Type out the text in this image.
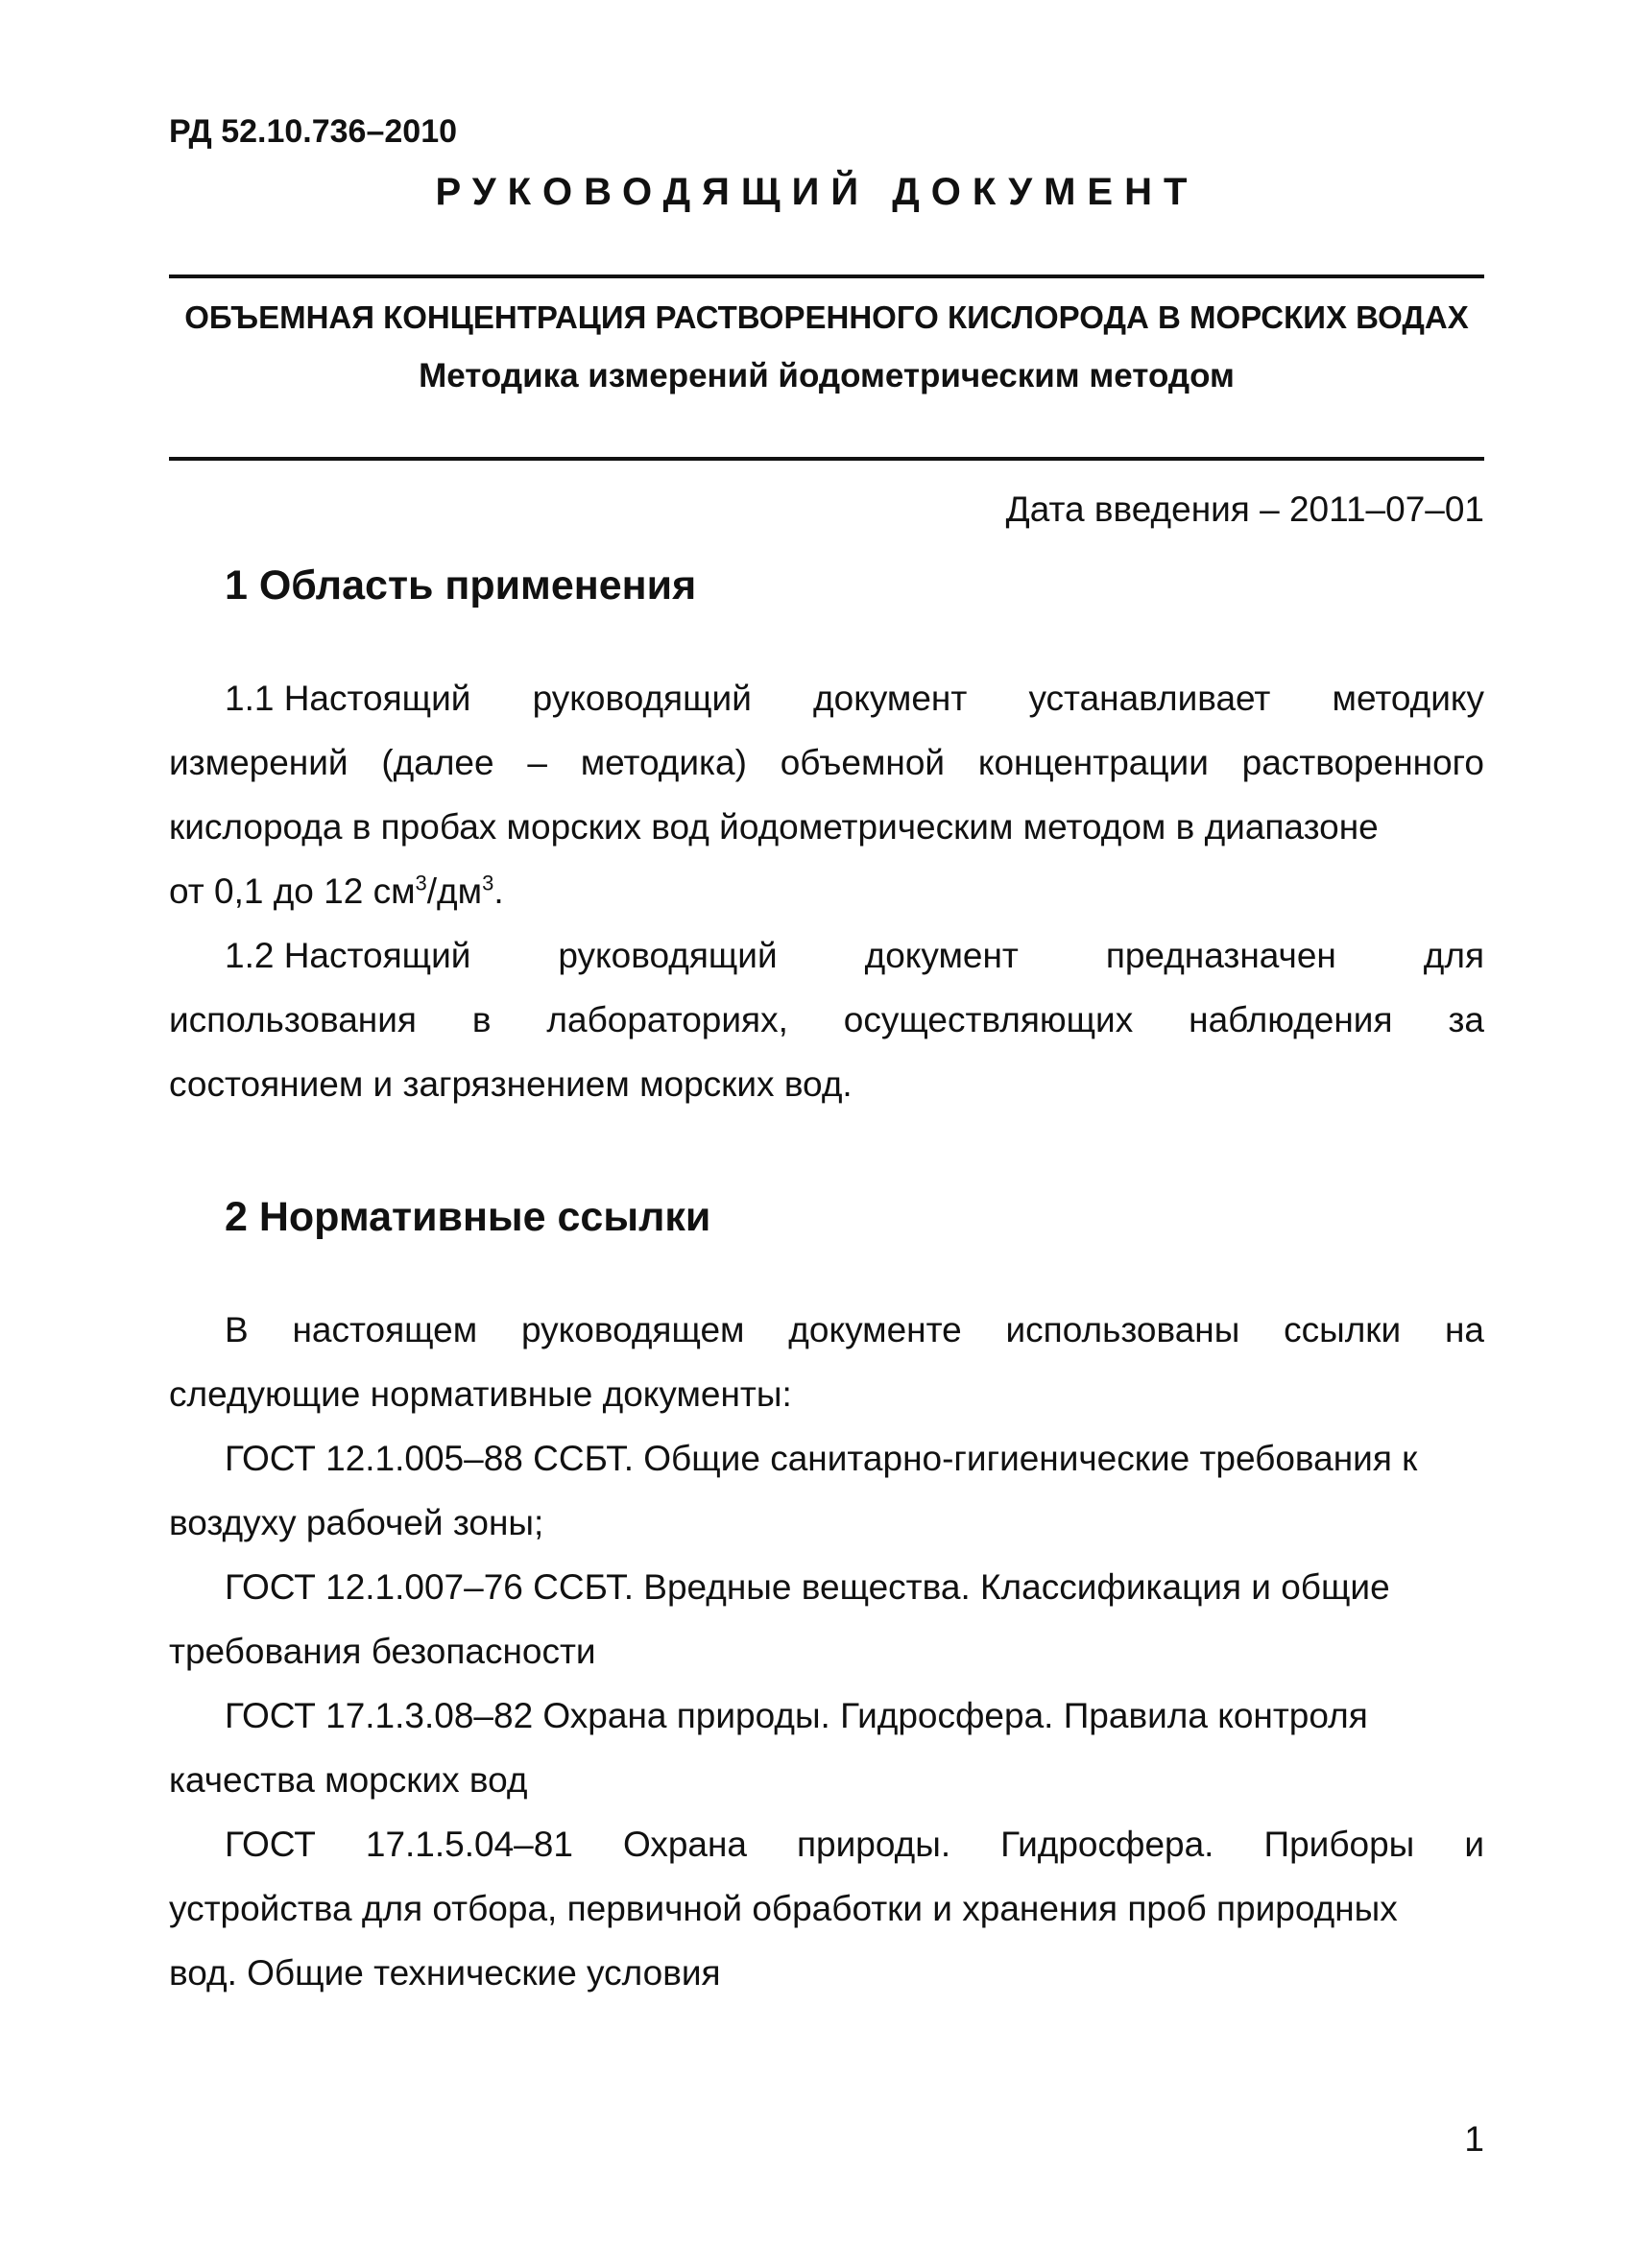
РД 52.10.736–2010
РУКОВОДЯЩИЙ ДОКУМЕНТ
ОБЪЕМНАЯ КОНЦЕНТРАЦИЯ РАСТВОРЕННОГО КИСЛОРОДА В МОРСКИХ ВОДАХ
Методика измерений йодометрическим методом
Дата введения – 2011–07–01
1 Область применения
1.1 Настоящий руководящий документ устанавливает методику
измерений (далее – методика) объемной концентрации растворенного
кислорода в пробах морских вод йодометрическим методом в диапазоне
от 0,1 до 12 $см^3/дм^3$.
1.2 Настоящий руководящий документ предназначен для
использования в лабораториях, осуществляющих наблюдения за
состоянием и загрязнением морских вод.
2 Нормативные ссылки
В настоящем руководящем документе использованы ссылки на
следующие нормативные документы:
ГОСТ 12.1.005–88 ССБТ. Общие санитарно-гигиенические требования к
воздуху рабочей зоны;
ГОСТ 12.1.007–76 ССБТ. Вредные вещества. Классификация и общие
требования безопасности
ГОСТ 17.1.3.08–82 Охрана природы. Гидросфера. Правила контроля
качества морских вод
ГОСТ 17.1.5.04–81 Охрана природы. Гидросфера. Приборы и
устройства для отбора, первичной обработки и хранения проб природных
вод. Общие технические условия
1
